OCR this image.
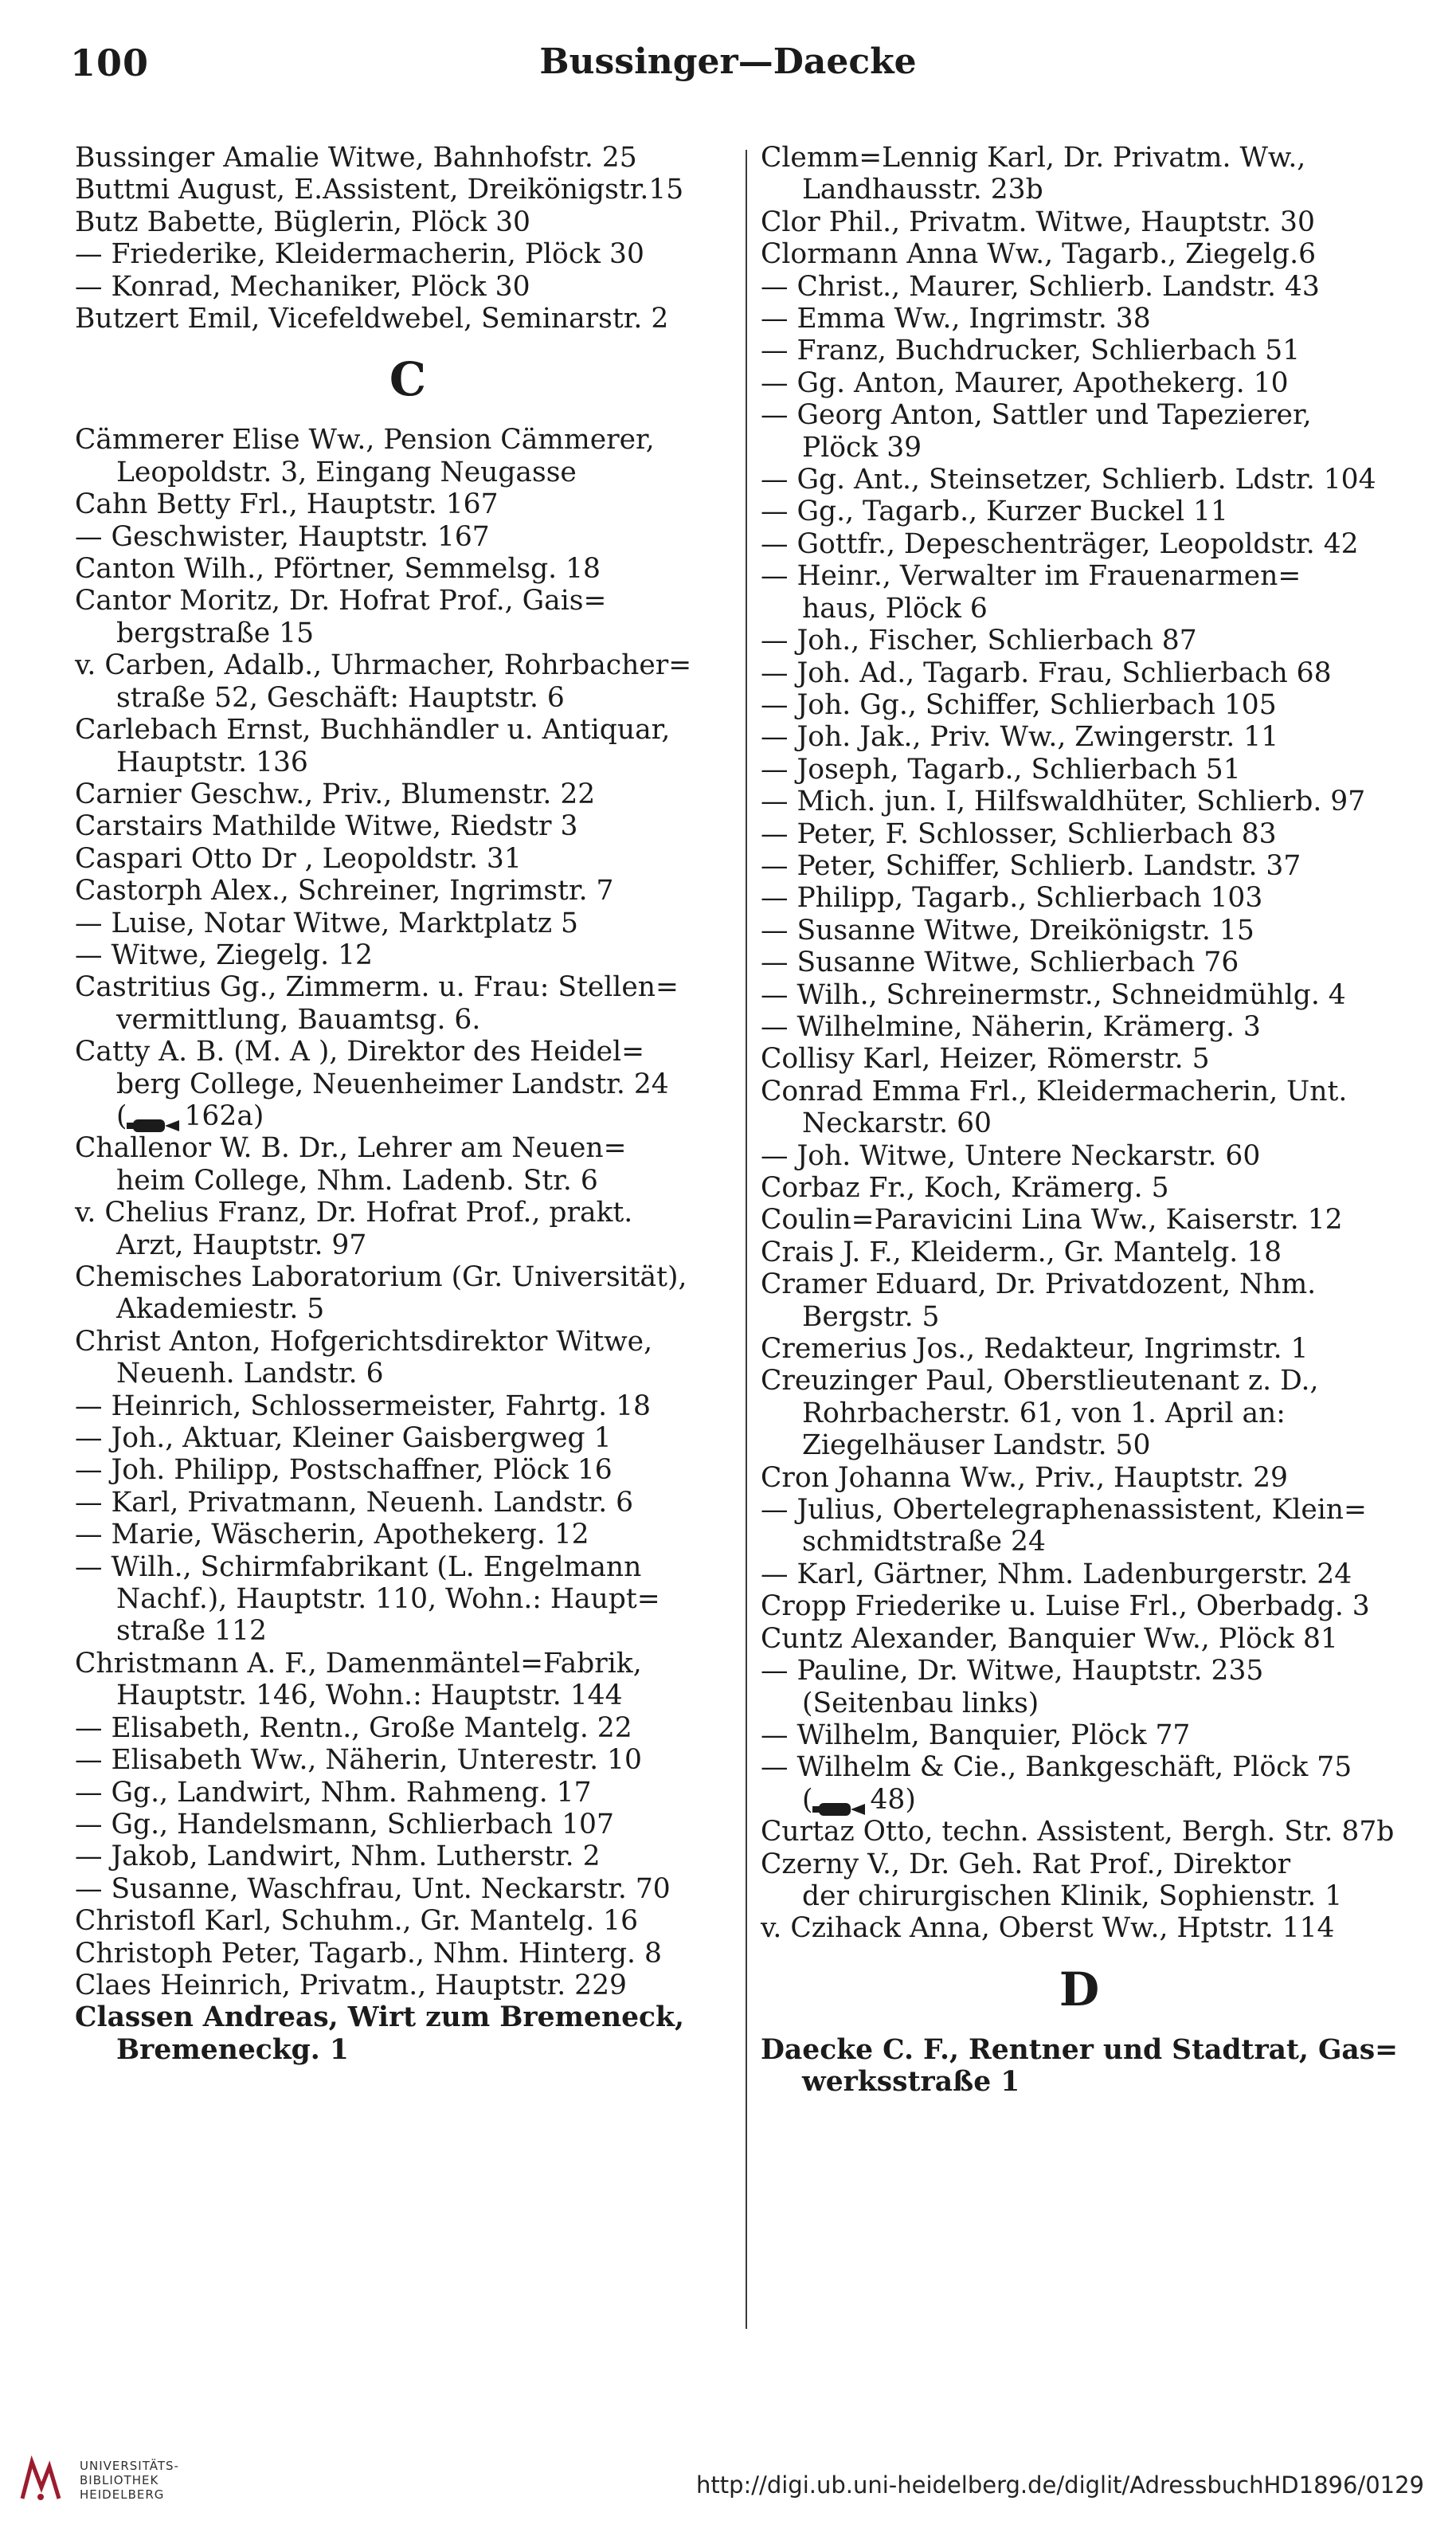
100	Bussinger—Daecke
Bussinger Amalie Witwe, Bahnhofstr. 25
Buttmi August, E.Assistent, Dreikönigstr.15
Butz Babette, Büglerin, Plöck 30
— Friederike, Kleidermacherin, Plöck 30
— Konrad, Mechaniker, Plöck 30
Butzert Emil, Vicefeldwebel, Seminarstr. 2
C
Cämmerer Elise Ww., Pension Cämmerer,
Leopoldstr. 3, Eingang Neugasse
Cahn Betty Frl., Hauptstr. 167
— Geschwister, Hauptstr. 167
Canton Wilh., Pförtner, Semmelsg. 18
Cantor Moritz, Dr. Hofrat Prof., Gais=
bergstraße 15
v. Carben, Adalb., Uhrmacher, Rohrbacher=
straße 52, Geschäft: Hauptstr. 6
Carlebach Ernst, Buchhändler u. Antiquar,
Hauptstr. 136
Carnier Geschw., Priv., Blumenstr. 22
Carstairs Mathilde Witwe, Riedstr 3
Caspari Otto Dr , Leopoldstr. 31
Castorph Alex., Schreiner, Ingrimstr. 7
— Luise, Notar Witwe, Marktplatz 5
— Witwe, Ziegelg. 12
Castritius Gg., Zimmerm. u. Frau: Stellen=
vermittlung, Bauamtsg. 6.
Catty A. B. (M. A ), Direktor des Heidel=
berg College, Neuenheimer Landstr. 24
( 162a)
Challenor W. B. Dr., Lehrer am Neuen=
heim College, Nhm. Ladenb. Str. 6
v. Chelius Franz, Dr. Hofrat Prof., prakt.
Arzt, Hauptstr. 97
Chemisches Laboratorium (Gr. Universität),
Akademiestr. 5
Christ Anton, Hofgerichtsdirektor Witwe,
Neuenh. Landstr. 6
— Heinrich, Schlossermeister, Fahrtg. 18
— Joh., Aktuar, Kleiner Gaisbergweg 1
— Joh. Philipp, Postschaffner, Plöck 16
— Karl, Privatmann, Neuenh. Landstr. 6
— Marie, Wäscherin, Apothekerg. 12
— Wilh., Schirmfabrikant (L. Engelmann
Nachf.), Hauptstr. 110, Wohn.: Haupt=
straße 112
Christmann A. F., Damenmäntel=Fabrik,
Hauptstr. 146, Wohn.: Hauptstr. 144
— Elisabeth, Rentn., Große Mantelg. 22
— Elisabeth Ww., Näherin, Unterestr. 10
— Gg., Landwirt, Nhm. Rahmeng. 17
— Gg., Handelsmann, Schlierbach 107
— Jakob, Landwirt, Nhm. Lutherstr. 2
— Susanne, Waschfrau, Unt. Neckarstr. 70
Christofl Karl, Schuhm., Gr. Mantelg. 16
Christoph Peter, Tagarb., Nhm. Hinterg. 8
Claes Heinrich, Privatm., Hauptstr. 229
Classen Andreas, Wirt zum Bremeneck,
Bremeneckg. 1
Clemm=Lennig Karl, Dr. Privatm. Ww.,
Landhausstr. 23b
Clor Phil., Privatm. Witwe, Hauptstr. 30
Clormann Anna Ww., Tagarb., Ziegelg.6
— Christ., Maurer, Schlierb. Landstr. 43
— Emma Ww., Ingrimstr. 38
— Franz, Buchdrucker, Schlierbach 51
— Gg. Anton, Maurer, Apothekerg. 10
— Georg Anton, Sattler und Tapezierer,
Plöck 39
— Gg. Ant., Steinsetzer, Schlierb. Ldstr. 104
— Gg., Tagarb., Kurzer Buckel 11
— Gottfr., Depeschenträger, Leopoldstr. 42
— Heinr., Verwalter im Frauenarmen=
haus, Plöck 6
— Joh., Fischer, Schlierbach 87
— Joh. Ad., Tagarb. Frau, Schlierbach 68
— Joh. Gg., Schiffer, Schlierbach 105
— Joh. Jak., Priv. Ww., Zwingerstr. 11
— Joseph, Tagarb., Schlierbach 51
— Mich. jun. I, Hilfswaldhüter, Schlierb. 97
— Peter, F. Schlosser, Schlierbach 83
— Peter, Schiffer, Schlierb. Landstr. 37
— Philipp, Tagarb., Schlierbach 103
— Susanne Witwe, Dreikönigstr. 15
— Susanne Witwe, Schlierbach 76
— Wilh., Schreinermstr., Schneidmühlg. 4
— Wilhelmine, Näherin, Krämerg. 3
Collisy Karl, Heizer, Römerstr. 5
Conrad Emma Frl., Kleidermacherin, Unt.
Neckarstr. 60
— Joh. Witwe, Untere Neckarstr. 60
Corbaz Fr., Koch, Krämerg. 5
Coulin=Paravicini Lina Ww., Kaiserstr. 12
Crais J. F., Kleiderm., Gr. Mantelg. 18
Cramer Eduard, Dr. Privatdozent, Nhm.
Bergstr. 5
Cremerius Jos., Redakteur, Ingrimstr. 1
Creuzinger Paul, Oberstlieutenant z. D.,
Rohrbacherstr. 61, von 1. April an:
Ziegelhäuser Landstr. 50
Cron Johanna Ww., Priv., Hauptstr. 29
— Julius, Obertelegraphenassistent, Klein=
schmidtstraße 24
— Karl, Gärtner, Nhm. Ladenburgerstr. 24
Cropp Friederike u. Luise Frl., Oberbadg. 3
Cuntz Alexander, Banquier Ww., Plöck 81
— Pauline, Dr. Witwe, Hauptstr. 235
(Seitenbau links)
— Wilhelm, Banquier, Plöck 77
— Wilhelm & Cie., Bankgeschäft, Plöck 75
( 48)
Curtaz Otto, techn. Assistent, Bergh. Str. 87b
Czerny V., Dr. Geh. Rat Prof., Direktor
der chirurgischen Klinik, Sophienstr. 1
v. Czihack Anna, Oberst Ww., Hptstr. 114
D
Daecke C. F., Rentner und Stadtrat, Gas=
werksstraße 1
UNIVERSITÄTS-
BIBLIOTHEK
HEIDELBERG	http://digi.ub.uni-heidelberg.de/diglit/AdressbuchHD1896/0129
